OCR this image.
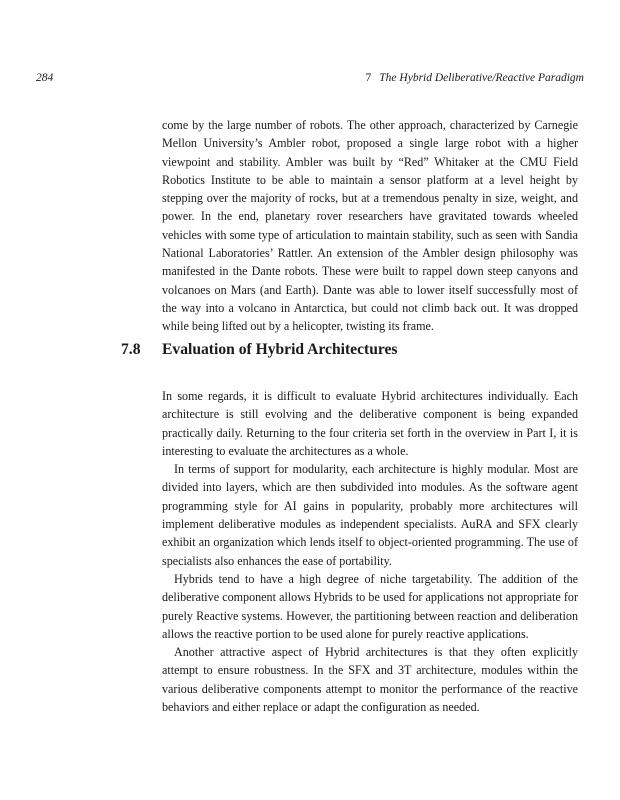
284	7 The Hybrid Deliberative/Reactive Paradigm

come by the large number of robots. The other approach, characterized by Carnegie Mellon University’s Ambler robot, proposed a single large robot with a higher viewpoint and stability. Ambler was built by “Red” Whitaker at the CMU Field Robotics Institute to be able to maintain a sensor platform at a level height by stepping over the majority of rocks, but at a tremendous penalty in size, weight, and power. In the end, planetary rover researchers have gravitated towards wheeled vehicles with some type of articulation to maintain stability, such as seen with Sandia National Laboratories’ Rattler. An extension of the Ambler design philosophy was manifested in the Dante robots. These were built to rappel down steep canyons and volcanoes on Mars (and Earth). Dante was able to lower itself successfully most of the way into a volcano in Antarctica, but could not climb back out. It was dropped while being lifted out by a helicopter, twisting its frame.

7.8 Evaluation of Hybrid Architectures

In some regards, it is difficult to evaluate Hybrid architectures individually. Each architecture is still evolving and the deliberative component is being expanded practically daily. Returning to the four criteria set forth in the overview in Part I, it is interesting to evaluate the architectures as a whole.

In terms of support for modularity, each architecture is highly modular. Most are divided into layers, which are then subdivided into modules. As the software agent programming style for AI gains in popularity, probably more architectures will implement deliberative modules as independent specialists. AuRA and SFX clearly exhibit an organization which lends itself to object-oriented programming. The use of specialists also enhances the ease of portability.

Hybrids tend to have a high degree of niche targetability. The addition of the deliberative component allows Hybrids to be used for applications not appropriate for purely Reactive systems. However, the partitioning between reaction and deliberation allows the reactive portion to be used alone for purely reactive applications.

Another attractive aspect of Hybrid architectures is that they often explicitly attempt to ensure robustness. In the SFX and 3T architecture, modules within the various deliberative components attempt to monitor the performance of the reactive behaviors and either replace or adapt the configuration as needed.
